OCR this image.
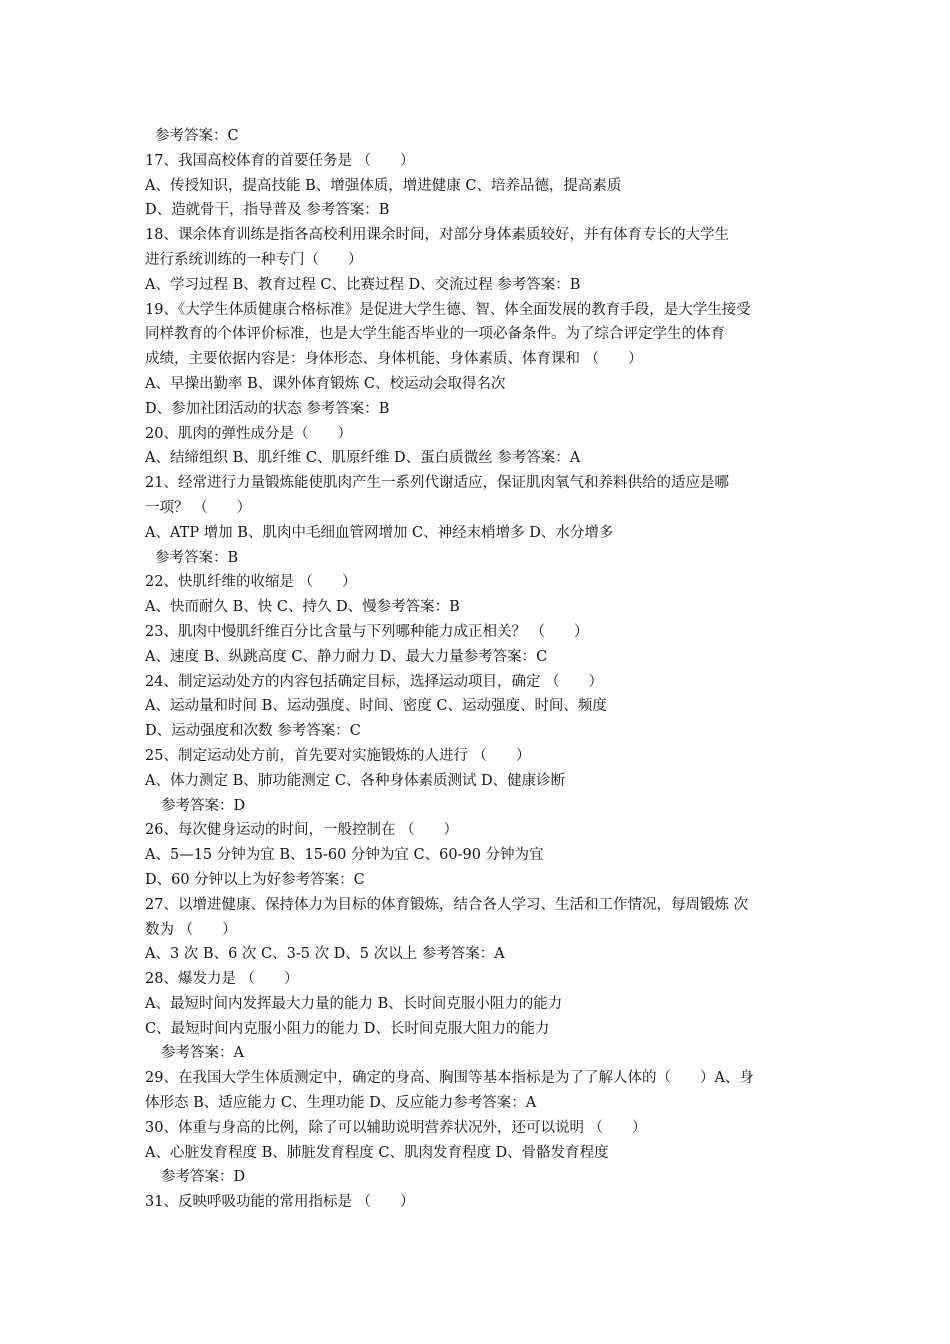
参考答案：C
17、我国高校体育的首要任务是 （　　）
A、传授知识，提高技能 B、增强体质，增进健康 C、培养品德，提高素质
D、造就骨干，指导普及 参考答案：B
18、课余体育训练是指各高校利用课余时间，对部分身体素质较好，并有体育专长的大学生
进行系统训练的一种专门（　　）
A、学习过程 B、教育过程 C、比赛过程 D、交流过程 参考答案：B
19、《大学生体质健康合格标准》是促进大学生德、智、体全面发展的教育手段，是大学生接受
同样教育的个体评价标准，也是大学生能否毕业的一项必备条件。为了综合评定学生的体育
成绩，主要依据内容是：身体形态、身体机能、身体素质、体育课和 （　　）
A、早操出勤率 B、课外体育锻炼 C、校运动会取得名次
D、参加社团活动的状态 参考答案：B
20、肌肉的弹性成分是（　　）
A、结缔组织 B、肌纤维 C、肌原纤维 D、蛋白质微丝 参考答案：A
21、经常进行力量锻炼能使肌肉产生一系列代谢适应，保证肌肉氧气和养料供给的适应是哪
一项？ （　　）
A、ATP 增加 B、肌肉中毛细血管网增加 C、神经末梢增多 D、水分增多
参考答案：B
22、快肌纤维的收缩是 （　　）
A、快而耐久 B、快 C、持久 D、慢参考答案：B
23、肌肉中慢肌纤维百分比含量与下列哪种能力成正相关？ （　　）
A、速度 B、纵跳高度 C、静力耐力 D、最大力量参考答案：C
24、制定运动处方的内容包括确定目标，选择运动项目，确定 （　　）
A、运动量和时间 B、运动强度、时间、密度 C、运动强度、时间、频度
D、运动强度和次数 参考答案：C
25、制定运动处方前，首先要对实施锻炼的人进行 （　　）
A、体力测定 B、肺功能测定 C、各种身体素质测试 D、健康诊断
参考答案：D
26、每次健身运动的时间，一般控制在 （　　）
A、5—15 分钟为宜 B、15-60 分钟为宜 C、60-90 分钟为宜
D、60 分钟以上为好参考答案：C
27、以增进健康、保持体力为目标的体育锻炼，结合各人学习、生活和工作情况，每周锻炼 次
数为 （　　）
A、3 次 B、6 次 C、3-5 次 D、5 次以上 参考答案：A
28、爆发力是 （　　）
A、最短时间内发挥最大力量的能力 B、长时间克服小阻力的能力
C、最短时间内克服小阻力的能力 D、长时间克服大阻力的能力
参考答案：A
29、在我国大学生体质测定中，确定的身高、胸围等基本指标是为了了解人体的（　　）A、身
体形态 B、适应能力 C、生理功能 D、反应能力参考答案：A
30、体重与身高的比例，除了可以辅助说明营养状况外，还可以说明 （　　）
A、心脏发育程度 B、肺脏发育程度 C、肌肉发育程度 D、骨骼发育程度
参考答案：D
31、反映呼吸功能的常用指标是 （　　）
